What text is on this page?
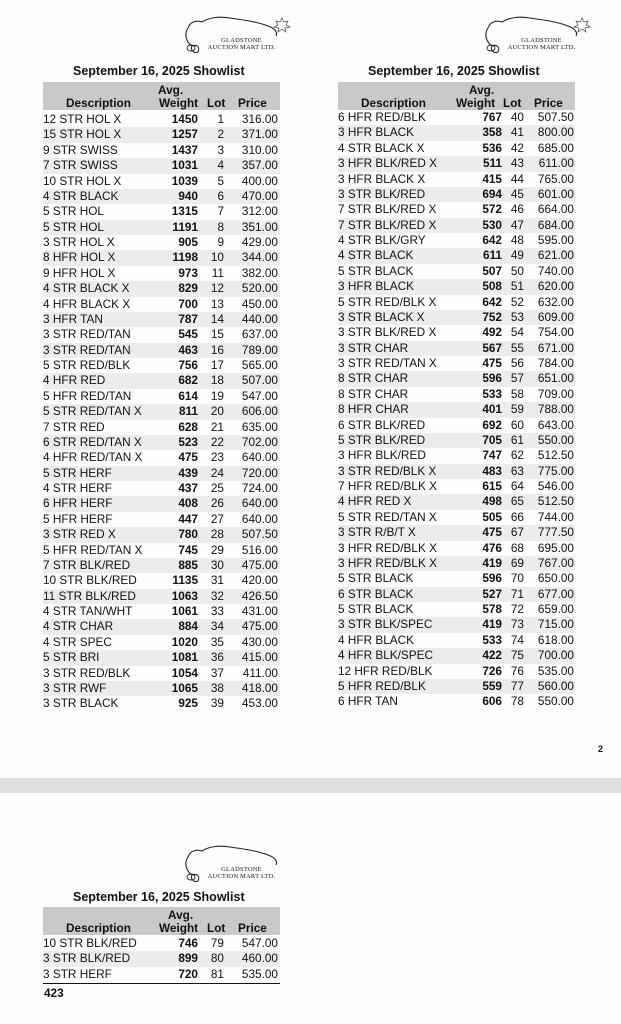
GLADSTONE
AUCTION MART LTD.
September 16, 2025 Showlist
Avg.
Description Weight Lot Price
12 STR HOL X	1450	1	316.00
15 STR HOL X	1257	2	371.00
9 STR SWISS	1437	3	310.00
7 STR SWISS	1031	4	357.00
10 STR HOL X	1039	5	400.00
4 STR BLACK	940	6	470.00
5 STR HOL	1315	7	312.00
5 STR HOL	1191	8	351.00
3 STR HOL X	905	9	429.00
8 HFR HOL X	1198	10	344.00
9 HFR HOL X	973	11	382.00
4 STR BLACK X	829	12	520.00
4 HFR BLACK X	700	13	450.00
3 HFR TAN	787	14	440.00
3 STR RED/TAN	545	15	637.00
3 STR RED/TAN	463	16	789.00
5 STR RED/BLK	756	17	565.00
4 HFR RED	682	18	507.00
5 HFR RED/TAN	614	19	547.00
5 STR RED/TAN X	811	20	606.00
7 STR RED	628	21	635.00
6 STR RED/TAN X	523	22	702.00
4 HFR RED/TAN X	475	23	640.00
5 STR HERF	439	24	720.00
4 STR HERF	437	25	724.00
6 HFR HERF	408	26	640.00
5 HFR HERF	447	27	640.00
3 STR RED X	780	28	507.50
5 HFR RED/TAN X	745	29	516.00
7 STR BLK/RED	885	30	475.00
10 STR BLK/RED	1135	31	420.00
11 STR BLK/RED	1063	32	426.50
4 STR TAN/WHT	1061	33	431.00
4 STR CHAR	884	34	475.00
4 STR SPEC	1020	35	430.00
5 STR BRI	1081	36	415.00
3 STR RED/BLK	1054	37	411.00
3 STR RWF	1065	38	418.00
3 STR BLACK	925	39	453.00
GLADSTONE
AUCTION MART LTD.
September 16, 2025 Showlist
Avg.
Description	Weight Lot Price
6 HFR RED/BLK	767 40	507.50
3 HFR BLACK	358 41	800.00
4 STR BLACK X	536 42	685.00
3 HFR BLK/RED X	511 43	611.00
3 HFR BLACK X	415 44	765.00
3 STR BLK/RED	694 45	601.00
7 STR BLK/RED X	572 46	664.00
7 STR BLK/RED X	530 47	684.00
4 STR BLK/GRY	642 48	595.00
4 STR BLACK	611 49	621.00
5 STR BLACK	507 50	740.00
3 HFR BLACK	508 51	620.00
5 STR RED/BLK X	642 52	632.00
3 STR BLACK X	752 53	609.00
3 STR BLK/RED X	492 54	754.00
3 STR CHAR	567 55	671.00
3 STR RED/TAN X	475 56	784.00
8 STR CHAR	596 57	651.00
8 STR CHAR	533 58	709.00
8 HFR CHAR	401 59	788.00
6 STR BLK/RED	692 60	643.00
5 STR BLK/RED	705 61	550.00
3 HFR BLK/RED	747 62	512.50
3 STR RED/BLK X	483 63	775.00
7 HFR RED/BLK X	615 64	546.00
4 HFR RED X	498 65	512.50
5 STR RED/TAN X	505 66	744.00
3 STR R/B/T X	475 67	777.50
3 HFR RED/BLK X	476 68	695.00
3 HFR RED/BLK X	419 69	767.00
5 STR BLACK	596 70	650.00
6 STR BLACK	527 71	677.00
5 STR BLACK	578 72	659.00
3 STR BLK/SPEC	419 73	715.00
4 HFR BLACK	533 74	618.00
4 HFR BLK/SPEC	422 75	700.00
12 HFR RED/BLK	726 76	535.00
5 HFR RED/BLK	559 77	560.00
6 HFR TAN	606 78	550.00
2
GLADSTONE
AUCTION MART LTD.
September 16, 2025 Showlist
Avg.
Description Weight Lot Price
10 STR BLK/RED	746	79	547.00
3 STR BLK/RED	899	80	460.00
3 STR HERF	720	81	535.00
423
